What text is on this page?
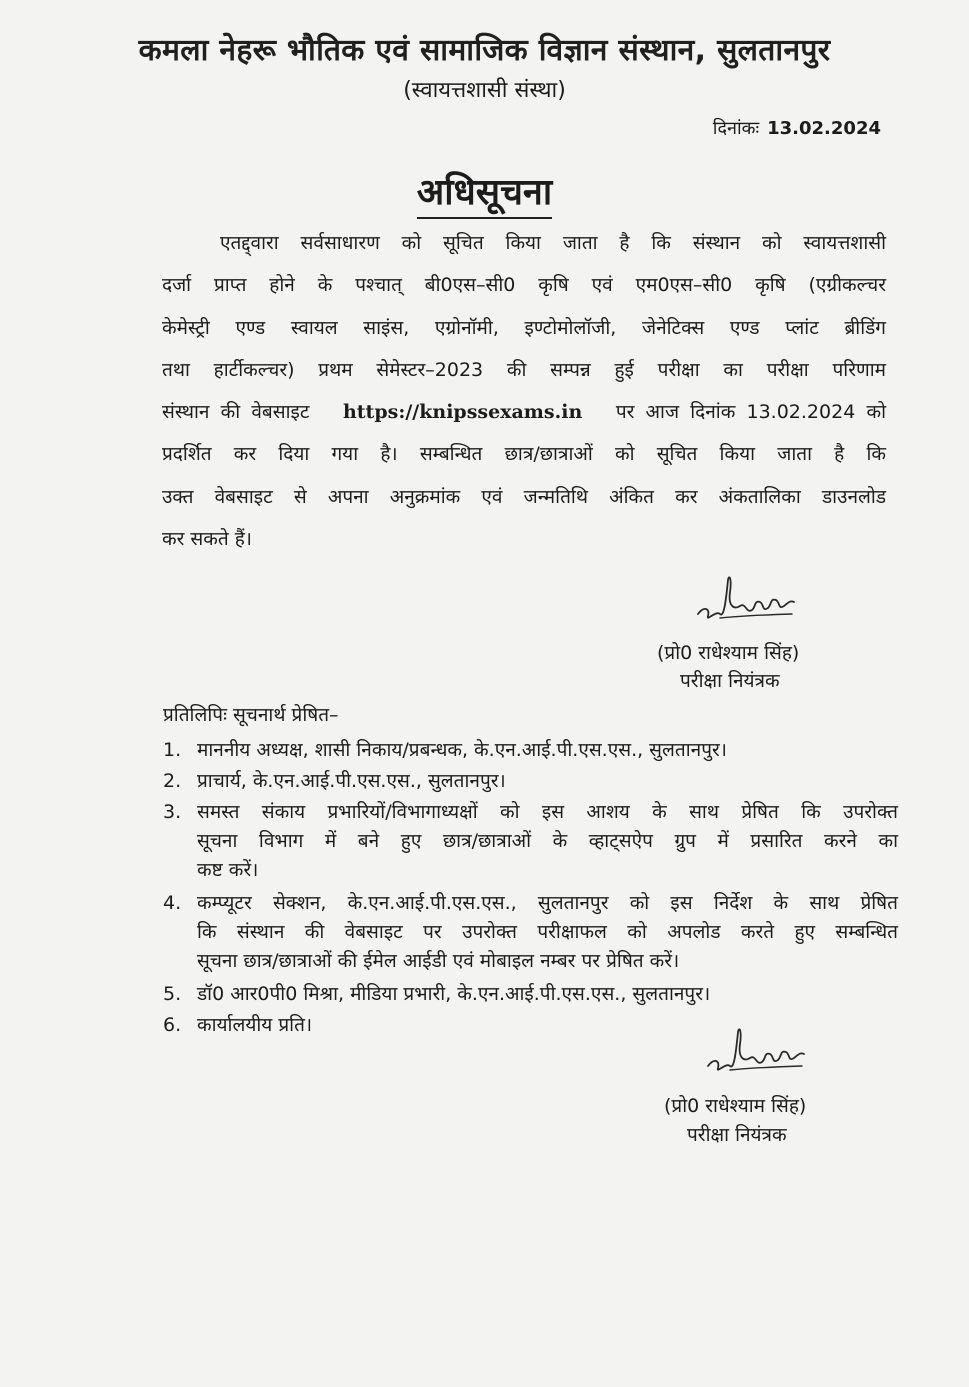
कमला नेहरू भौतिक एवं सामाजिक विज्ञान संस्थान, सुलतानपुर
(स्वायत्तशासी संस्था)
दिनांकः 13.02.2024
अधिसूचना
एतद्द्वारा सर्वसाधारण को सूचित किया जाता है कि संस्थान को स्वायत्तशासी
दर्जा प्राप्त होने के पश्चात् बी0एस–सी0 कृषि एवं एम0एस–सी0 कृषि (एग्रीकल्चर
केमेस्ट्री एण्ड स्वायल साइंस, एग्रोनॉमी, इण्टोमोलॉजी, जेनेटिक्स एण्ड प्लांट ब्रीडिंग
तथा हार्टीकल्चर) प्रथम सेमेस्टर–2023 की सम्पन्न हुई परीक्षा का परीक्षा परिणाम
संस्थान की वेबसाइट https://knipssexams.in पर आज दिनांक 13.02.2024 को
प्रदर्शित कर दिया गया है। सम्बन्धित छात्र/छात्राओं को सूचित किया जाता है कि
उक्त वेबसाइट से अपना अनुक्रमांक एवं जन्मतिथि अंकित कर अंकतालिका डाउनलोड
कर सकते हैं।
(प्रो0 राधेश्याम सिंह)
परीक्षा नियंत्रक
प्रतिलिपिः सूचनार्थ प्रेषित–
1. माननीय अध्यक्ष, शासी निकाय/प्रबन्धक, के.एन.आई.पी.एस.एस., सुलतानपुर।
2. प्राचार्य, के.एन.आई.पी.एस.एस., सुलतानपुर।
3. समस्त संकाय प्रभारियों/विभागाध्यक्षों को इस आशय के साथ प्रेषित कि उपरोक्त
सूचना विभाग में बने हुए छात्र/छात्राओं के व्हाट्सऐप ग्रुप में प्रसारित करने का
कष्ट करें।
4. कम्प्यूटर सेक्शन, के.एन.आई.पी.एस.एस., सुलतानपुर को इस निर्देश के साथ प्रेषित
कि संस्थान की वेबसाइट पर उपरोक्त परीक्षाफल को अपलोड करते हुए सम्बन्धित
सूचना छात्र/छात्राओं की ईमेल आईडी एवं मोबाइल नम्बर पर प्रेषित करें।
5. डॉ0 आर0पी0 मिश्रा, मीडिया प्रभारी, के.एन.आई.पी.एस.एस., सुलतानपुर।
6. कार्यालयीय प्रति।
(प्रो0 राधेश्याम सिंह)
परीक्षा नियंत्रक
